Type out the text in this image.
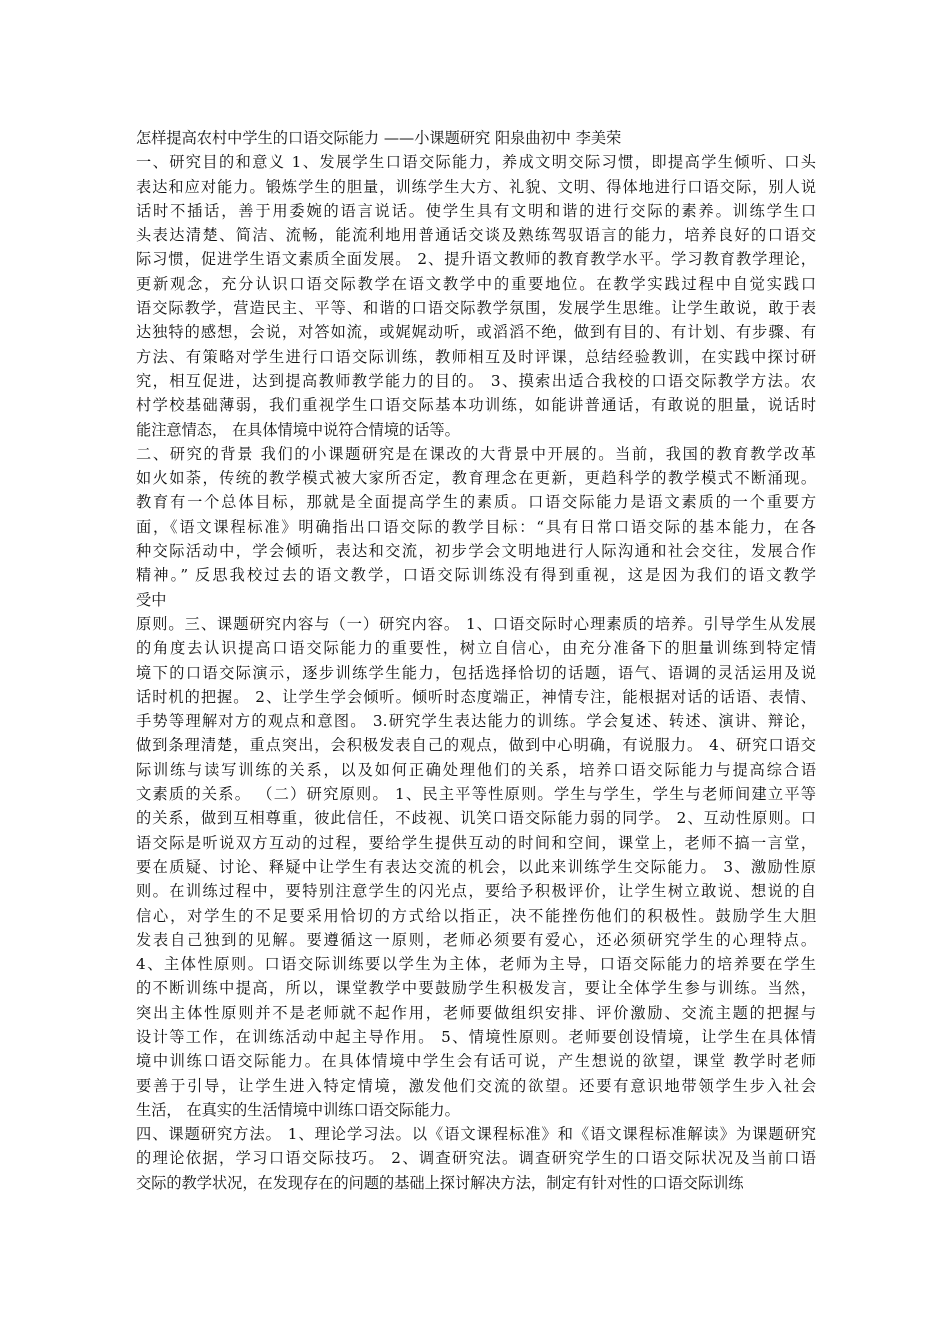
怎样提高农村中学生的口语交际能力 ——小课题研究 阳泉曲初中 李美荣
一、研究目的和意义 1、发展学生口语交际能力，养成文明交际习惯，即提高学生倾听、口头
表达和应对能力。锻炼学生的胆量，训练学生大方、礼貌、文明、得体地进行口语交际，别人说
话时不插话，善于用委婉的语言说话。使学生具有文明和谐的进行交际的素养。训练学生口
头表达清楚、简洁、流畅，能流利地用普通话交谈及熟练驾驭语言的能力，培养良好的口语交
际习惯，促进学生语文素质全面发展。 2、提升语文教师的教育教学水平。学习教育教学理论，
更新观念，充分认识口语交际教学在语文教学中的重要地位。在教学实践过程中自觉实践口
语交际教学，营造民主、平等、和谐的口语交际教学氛围，发展学生思维。让学生敢说，敢于表
达独特的感想，会说，对答如流，或娓娓动听，或滔滔不绝，做到有目的、有计划、有步骤、有
方法、有策略对学生进行口语交际训练，教师相互及时评课，总结经验教训，在实践中探讨研
究，相互促进，达到提高教师教学能力的目的。 3、摸索出适合我校的口语交际教学方法。农
村学校基础薄弱，我们重视学生口语交际基本功训练，如能讲普通话，有敢说的胆量，说话时
能注意情态， 在具体情境中说符合情境的话等。
二、研究的背景 我们的小课题研究是在课改的大背景中开展的。当前，我国的教育教学改革
如火如荼，传统的教学模式被大家所否定，教育理念在更新，更趋科学的教学模式不断涌现。
教育有一个总体目标，那就是全面提高学生的素质。口语交际能力是语文素质的一个重要方
面，《语文课程标准》明确指出口语交际的教学目标：“具有日常口语交际的基本能力，在各
种交际活动中，学会倾听，表达和交流，初步学会文明地进行人际沟通和社会交往，发展合作
精神。” 反思我校过去的语文教学，口语交际训练没有得到重视，这是因为我们的语文教学
受中
原则。三、课题研究内容与（一）研究内容。 1、口语交际时心理素质的培养。引导学生从发展
的角度去认识提高口语交际能力的重要性，树立自信心，由充分准备下的胆量训练到特定情
境下的口语交际演示，逐步训练学生能力，包括选择恰切的话题，语气、语调的灵活运用及说
话时机的把握。 2、让学生学会倾听。倾听时态度端正，神情专注，能根据对话的话语、表情、
手势等理解对方的观点和意图。 3.研究学生表达能力的训练。学会复述、转述、演讲、辩论，
做到条理清楚，重点突出，会积极发表自己的观点，做到中心明确，有说服力。 4、研究口语交
际训练与读写训练的关系，以及如何正确处理他们的关系，培养口语交际能力与提高综合语
文素质的关系。 （二）研究原则。 1、民主平等性原则。学生与学生，学生与老师间建立平等
的关系，做到互相尊重，彼此信任，不歧视、讥笑口语交际能力弱的同学。 2、互动性原则。口
语交际是听说双方互动的过程，要给学生提供互动的时间和空间，课堂上，老师不搞一言堂，
要在质疑、讨论、释疑中让学生有表达交流的机会，以此来训练学生交际能力。 3、激励性原
则。在训练过程中，要特别注意学生的闪光点，要给予积极评价，让学生树立敢说、想说的自
信心，对学生的不足要采用恰切的方式给以指正，决不能挫伤他们的积极性。鼓励学生大胆
发表自己独到的见解。要遵循这一原则，老师必须要有爱心，还必须研究学生的心理特点。
4、主体性原则。口语交际训练要以学生为主体，老师为主导，口语交际能力的培养要在学生
的不断训练中提高，所以，课堂教学中要鼓励学生积极发言，要让全体学生参与训练。当然，
突出主体性原则并不是老师就不起作用，老师要做组织安排、评价激励、交流主题的把握与
设计等工作，在训练活动中起主导作用。 5、情境性原则。老师要创设情境，让学生在具体情
境中训练口语交际能力。在具体情境中学生会有话可说，产生想说的欲望，课堂 教学时老师
要善于引导，让学生进入特定情境，激发他们交流的欲望。还要有意识地带领学生步入社会
生活， 在真实的生活情境中训练口语交际能力。
四、课题研究方法。 1、理论学习法。以《语文课程标准》和《语文课程标准解读》为课题研究
的理论依据，学习口语交际技巧。 2、调查研究法。调查研究学生的口语交际状况及当前口语
交际的教学状况，在发现存在的问题的基础上探讨解决方法，制定有针对性的口语交际训练
